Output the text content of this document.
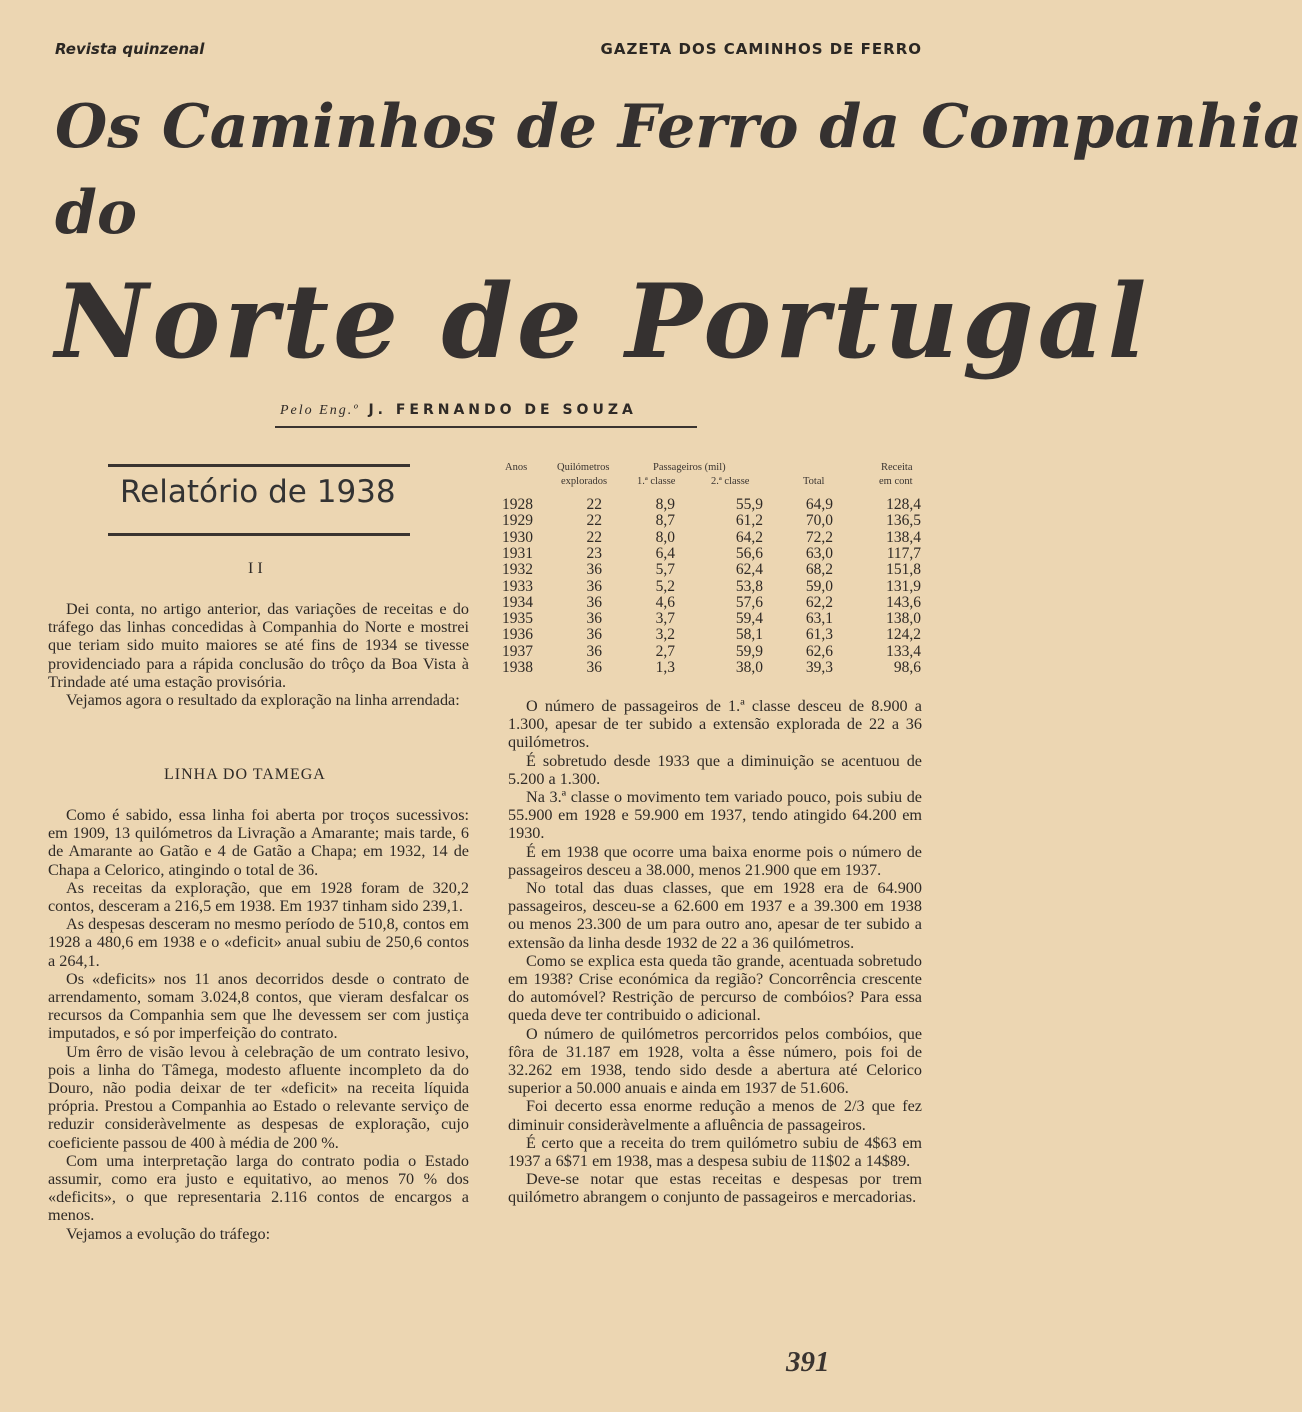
Revista quinzenal	GAZETA DOS CAMINHOS DE FERRO
Os Caminhos de Ferro da Companhia
do
Norte de Portugal
Pelo Eng.º J. FERNANDO DE SOUZA
Relatório de 1938
II

Dei conta, no artigo anterior, das variações de receitas e do tráfego das linhas concedidas à Companhia do Norte e mostrei que teriam sido muito maiores se até fins de 1934 se tivesse providenciado para a rápida conclusão do trôço da Boa Vista à Trindade até uma estação provisória.

Vejamos agora o resultado da exploração na linha arrendada:

LINHA DO TAMEGA

Como é sabido, essa linha foi aberta por troços sucessivos: em 1909, 13 quilómetros da Livração a Amarante; mais tarde, 6 de Amarante ao Gatão e 4 de Gatão a Chapa; em 1932, 14 de Chapa a Celorico, atingindo o total de 36.

As receitas da exploração, que em 1928 foram de 320,2 contos, desceram a 216,5 em 1938. Em 1937 tinham sido 239,1.

As despesas desceram no mesmo período de 510,8, contos em 1928 a 480,6 em 1938 e o «deficit» anual subiu de 250,6 contos a 264,1.

Os «deficits» nos 11 anos decorridos desde o contrato de arrendamento, somam 3.024,8 contos, que vieram desfalcar os recursos da Companhia sem que lhe devessem ser com justiça imputados, e só por imperfeição do contrato.

Um êrro de visão levou à celebração de um contrato lesivo, pois a linha do Tâmega, modesto afluente incompleto da do Douro, não podia deixar de ter «deficit» na receita líquida própria. Prestou a Companhia ao Estado o relevante serviço de reduzir consideràvelmente as despesas de exploração, cujo coeficiente passou de 400 à média de 200 %.

Com uma interpretação larga do contrato podia o Estado assumir, como era justo e equitativo, ao menos 70 % dos «deficits», o que representaria 2.116 contos de encargos a menos.

Vejamos a evolução do tráfego:

Anos	Quilómetros
explorados
Passageiros (mil)
1.ª classe	2.ª classe	Total
Receita
em cont
1928	22	8,9	55,9	64,9	128,4
1929	22	8,7	61,2	70,0	136,5
1930	22	8,0	64,2	72,2	138,4
1931	23	6,4	56,6	63,0	117,7
1932	36	5,7	62,4	68,2	151,8
1933	36	5,2	53,8	59,0	131,9
1934	36	4,6	57,6	62,2	143,6
1935	36	3,7	59,4	63,1	138,0
1936	36	3,2	58,1	61,3	124,2
1937	36	2,7	59,9	62,6	133,4
1938	36	1,3	38,0	39,3	98,6

O número de passageiros de 1.ª classe desceu de 8.900 a 1.300, apesar de ter subido a extensão explorada de 22 a 36 quilómetros.

É sobretudo desde 1933 que a diminuição se acentuou de 5.200 a 1.300.

Na 3.ª classe o movimento tem variado pouco, pois subiu de 55.900 em 1928 e 59.900 em 1937, tendo atingido 64.200 em 1930.

É em 1938 que ocorre uma baixa enorme pois o número de passageiros desceu a 38.000, menos 21.900 que em 1937.

No total das duas classes, que em 1928 era de 64.900 passageiros, desceu-se a 62.600 em 1937 e a 39.300 em 1938 ou menos 23.300 de um para outro ano, apesar de ter subido a extensão da linha desde 1932 de 22 a 36 quilómetros.

Como se explica esta queda tão grande, acentuada sobretudo em 1938? Crise económica da região? Concorrência crescente do automóvel? Restrição de percurso de combóios? Para essa queda deve ter contribuido o adicional.

O número de quilómetros percorridos pelos combóios, que fôra de 31.187 em 1928, volta a êsse número, pois foi de 32.262 em 1938, tendo sido desde a abertura até Celorico superior a 50.000 anuais e ainda em 1937 de 51.606.

Foi decerto essa enorme redução a menos de 2/3 que fez diminuir consideràvelmente a afluência de passageiros.

É certo que a receita do trem quilómetro subiu de 4$63 em 1937 a 6$71 em 1938, mas a despesa subiu de 11$02 a 14$89.

Deve-se notar que estas receitas e despesas por trem quilómetro abrangem o conjunto de passageiros e mercadorias.

391
